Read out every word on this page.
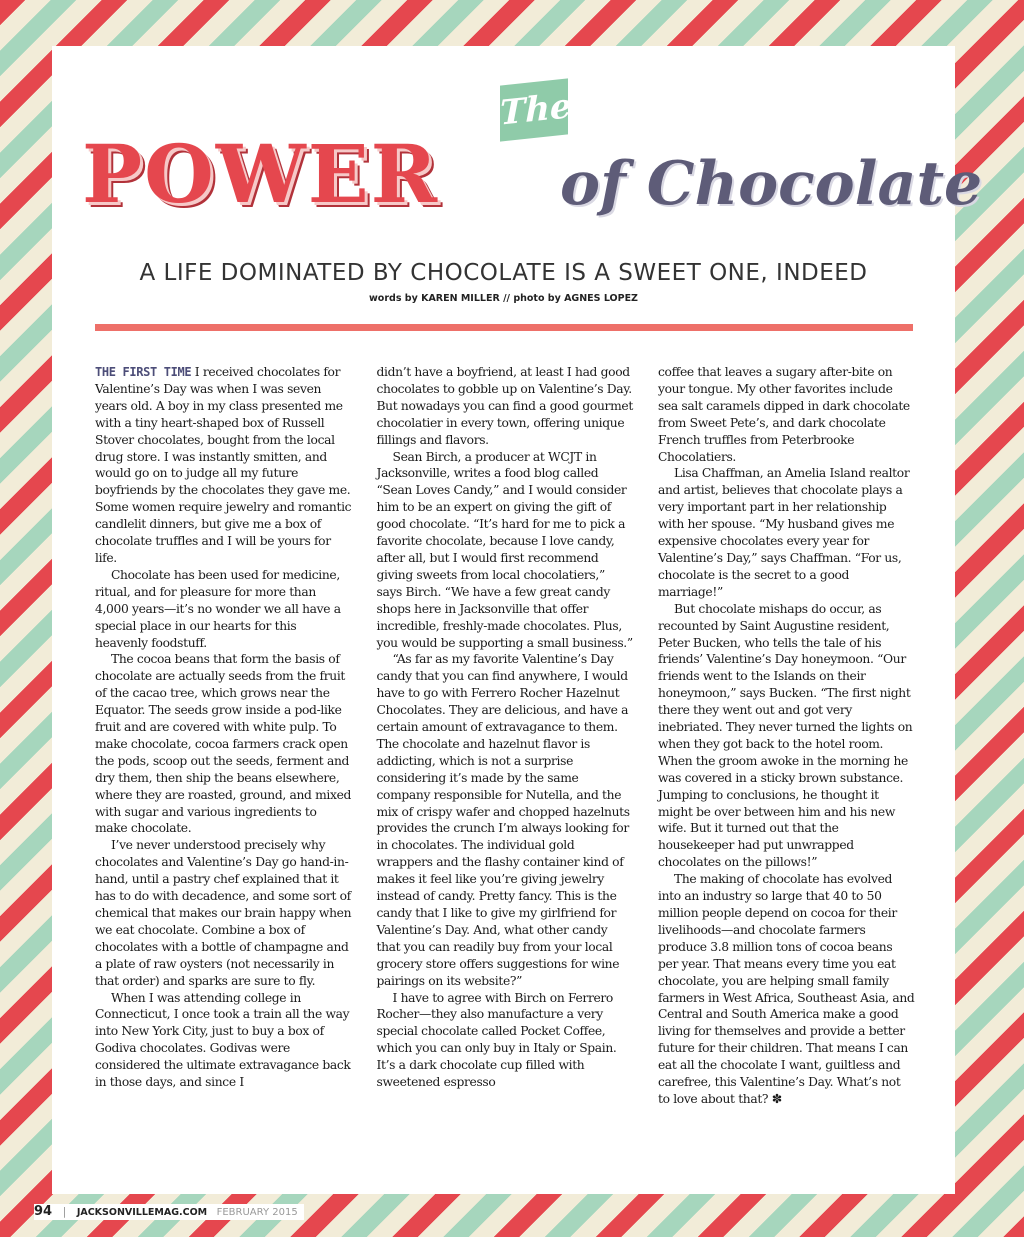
The
POWER of Chocolate
A LIFE DOMINATED BY CHOCOLATE IS A SWEET ONE, INDEED
words by KAREN MILLER // photo by AGNES LOPEZ

THE FIRST TIME I received chocolates for Valentine’s Day was when I was seven years old. A boy in my class presented me with a tiny heart-shaped box of Russell Stover chocolates, bought from the local drug store. I was instantly smitten, and would go on to judge all my future boyfriends by the chocolates they gave me. Some women require jewelry and romantic candlelit dinners, but give me a box of chocolate truffles and I will be yours for life.

Chocolate has been used for medicine, ritual, and for pleasure for more than 4,000 years—it’s no wonder we all have a special place in our hearts for this heavenly foodstuff.

The cocoa beans that form the basis of chocolate are actually seeds from the fruit of the cacao tree, which grows near the Equator. The seeds grow inside a pod-like fruit and are covered with white pulp. To make chocolate, cocoa farmers crack open the pods, scoop out the seeds, ferment and dry them, then ship the beans elsewhere, where they are roasted, ground, and mixed with sugar and various ingredients to make chocolate.

I’ve never understood precisely why chocolates and Valentine’s Day go hand-in-hand, until a pastry chef explained that it has to do with decadence, and some sort of chemical that makes our brain happy when we eat chocolate. Combine a box of chocolates with a bottle of champagne and a plate of raw oysters (not necessarily in that order) and sparks are sure to fly.

When I was attending college in Connecticut, I once took a train all the way into New York City, just to buy a box of Godiva chocolates. Godivas were considered the ultimate extravagance back in those days, and since I

didn’t have a boyfriend, at least I had good chocolates to gobble up on Valentine’s Day. But nowadays you can find a good gourmet chocolatier in every town, offering unique fillings and flavors.

Sean Birch, a producer at WCJT in Jacksonville, writes a food blog called “Sean Loves Candy,” and I would consider him to be an expert on giving the gift of good chocolate. “It’s hard for me to pick a favorite chocolate, because I love candy, after all, but I would first recommend giving sweets from local chocolatiers,” says Birch. “We have a few great candy shops here in Jacksonville that offer incredible, freshly-made chocolates. Plus, you would be supporting a small business.”

“As far as my favorite Valentine’s Day candy that you can find anywhere, I would have to go with Ferrero Rocher Hazelnut Chocolates. They are delicious, and have a certain amount of extravagance to them. The chocolate and hazelnut flavor is addicting, which is not a surprise considering it’s made by the same company responsible for Nutella, and the mix of crispy wafer and chopped hazelnuts provides the crunch I’m always looking for in chocolates. The individual gold wrappers and the flashy container kind of makes it feel like you’re giving jewelry instead of candy. Pretty fancy. This is the candy that I like to give my girlfriend for Valentine’s Day. And, what other candy that you can readily buy from your local grocery store offers suggestions for wine pairings on its website?”

I have to agree with Birch on Ferrero Rocher—they also manufacture a very special chocolate called Pocket Coffee, which you can only buy in Italy or Spain. It’s a dark chocolate cup filled with sweetened espresso

coffee that leaves a sugary after-bite on your tongue. My other favorites include sea salt caramels dipped in dark chocolate from Sweet Pete’s, and dark chocolate French truffles from Peterbrooke Chocolatiers.

Lisa Chaffman, an Amelia Island realtor and artist, believes that chocolate plays a very important part in her relationship with her spouse. “My husband gives me expensive chocolates every year for Valentine’s Day,” says Chaffman. “For us, chocolate is the secret to a good marriage!”

But chocolate mishaps do occur, as recounted by Saint Augustine resident, Peter Bucken, who tells the tale of his friends’ Valentine’s Day honeymoon. “Our friends went to the Islands on their honeymoon,” says Bucken. “The first night there they went out and got very inebriated. They never turned the lights on when they got back to the hotel room. When the groom awoke in the morning he was covered in a sticky brown substance. Jumping to conclusions, he thought it might be over between him and his new wife. But it turned out that the housekeeper had put unwrapped chocolates on the pillows!”

The making of chocolate has evolved into an industry so large that 40 to 50 million people depend on cocoa for their livelihoods—and chocolate farmers produce 3.8 million tons of cocoa beans per year. That means every time you eat chocolate, you are helping small family farmers in West Africa, Southeast Asia, and Central and South America make a good living for themselves and provide a better future for their children. That means I can eat all the chocolate I want, guiltless and carefree, this Valentine’s Day. What’s not to love about that? ✽

94 | JACKSONVILLEMAG.COM FEBRUARY 2015
